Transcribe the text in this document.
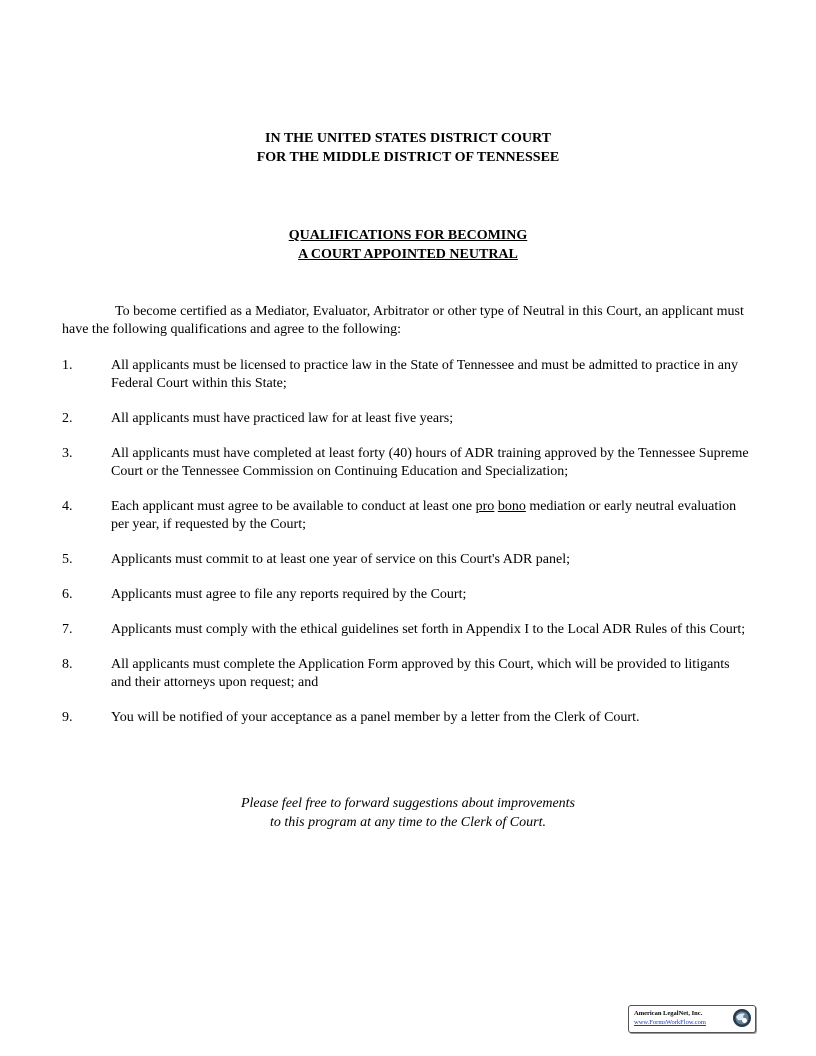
IN THE UNITED STATES DISTRICT COURT
FOR THE MIDDLE DISTRICT OF TENNESSEE
QUALIFICATIONS FOR BECOMING
A COURT APPOINTED NEUTRAL

To become certified as a Mediator, Evaluator, Arbitrator or other type of Neutral in this Court, an applicant must have the following qualifications and agree to the following:

1.	All applicants must be licensed to practice law in the State of Tennessee and must be admitted to practice in any Federal Court within this State;
2.	All applicants must have practiced law for at least five years;
3.	All applicants must have completed at least forty (40) hours of ADR training approved by the Tennessee Supreme Court or the Tennessee Commission on Continuing Education and Specialization;
4.	Each applicant must agree to be available to conduct at least one pro bono mediation or early neutral evaluation per year, if requested by the Court;
5.	Applicants must commit to at least one year of service on this Court's ADR panel;
6.	Applicants must agree to file any reports required by the Court;
7.	Applicants must comply with the ethical guidelines set forth in Appendix I to the Local ADR Rules of this Court;
8.	All applicants must complete the Application Form approved by this Court, which will be provided to litigants and their attorneys upon request; and
9.	You will be notified of your acceptance as a panel member by a letter from the Clerk of Court.
Please feel free to forward suggestions about improvements
to this program at any time to the Clerk of Court.
American LegalNet, Inc.
www.FormsWorkFlow.com
